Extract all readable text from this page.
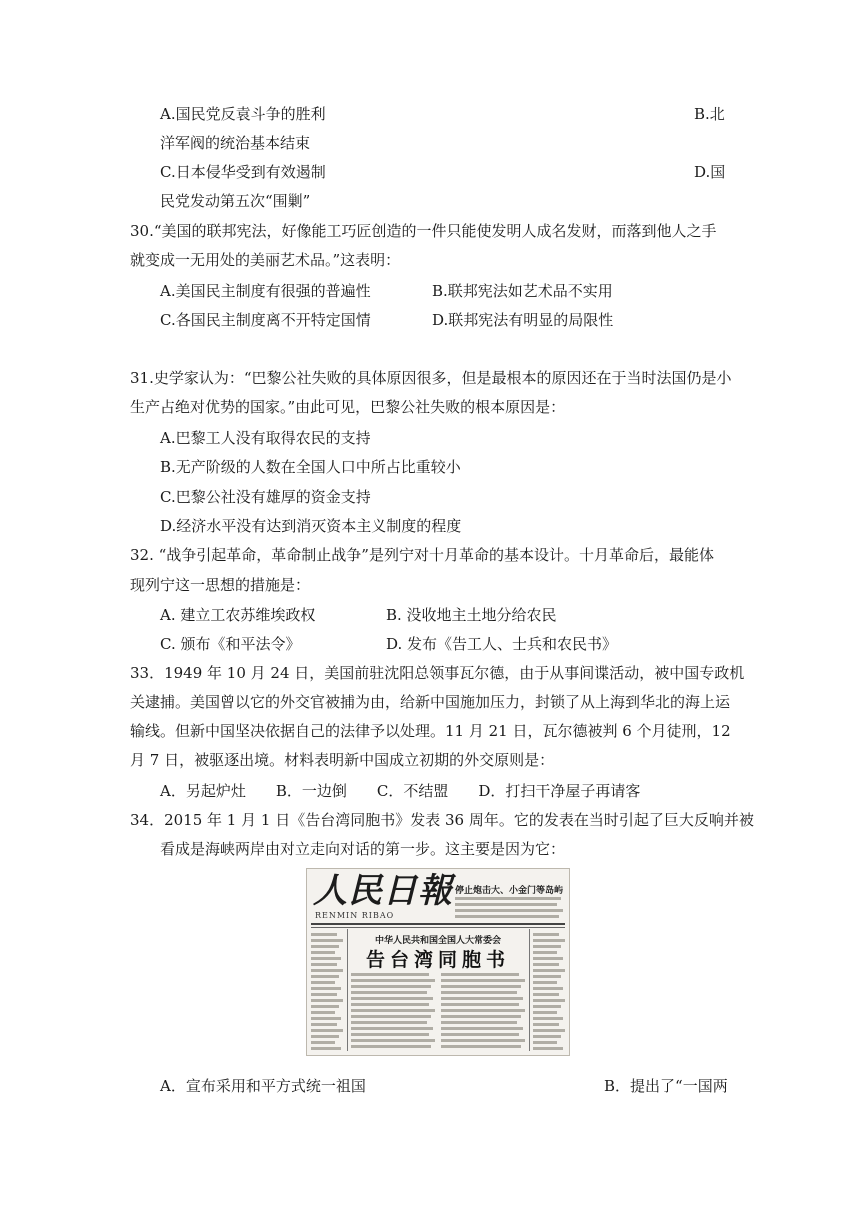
A.国民党反袁斗争的胜利	B.北
洋军阀的统治基本结束
C.日本侵华受到有效遏制	D.国
民党发动第五次“围剿”
30.“美国的联邦宪法，好像能工巧匠创造的一件只能使发明人成名发财，而落到他人之手
就变成一无用处的美丽艺术品。”这表明：
A.美国民主制度有很强的普遍性	B.联邦宪法如艺术品不实用
C.各国民主制度离不开特定国情	D.联邦宪法有明显的局限性
31.史学家认为：“巴黎公社失败的具体原因很多，但是最根本的原因还在于当时法国仍是小
生产占绝对优势的国家。”由此可见，巴黎公社失败的根本原因是：
A.巴黎工人没有取得农民的支持
B.无产阶级的人数在全国人口中所占比重较小
C.巴黎公社没有雄厚的资金支持
D.经济水平没有达到消灭资本主义制度的程度
32. “战争引起革命，革命制止战争”是列宁对十月革命的基本设计。十月革命后，最能体
现列宁这一思想的措施是：
A. 建立工农苏维埃政权	B. 没收地主土地分给农民
C. 颁布《和平法令》	D. 发布《告工人、士兵和农民书》
33．1949 年 10 月 24 日，美国前驻沈阳总领事瓦尔德，由于从事间谍活动，被中国专政机
关逮捕。美国曾以它的外交官被捕为由，给新中国施加压力，封锁了从上海到华北的海上运
输线。但新中国坚决依据自己的法律予以处理。11 月 21 日，瓦尔德被判 6 个月徒刑，12
月 7 日，被驱逐出境。材料表明新中国成立初期的外交原则是：
A．另起炉灶　　B．一边倒　　C．不结盟　　D．打扫干净屋子再请客
34．2015 年 1 月 1 日《告台湾同胞书》发表 36 周年。它的发表在当时引起了巨大反响并被
看成是海峡两岸由对立走向对话的第一步。这主要是因为它：
人民日報
RENMIN RIBAO
停止炮击大、小金门等岛屿
中华人民共和国全国人大常委会
告台湾同胞书
A．宣布采用和平方式统一祖国	B．提出了“一国两
